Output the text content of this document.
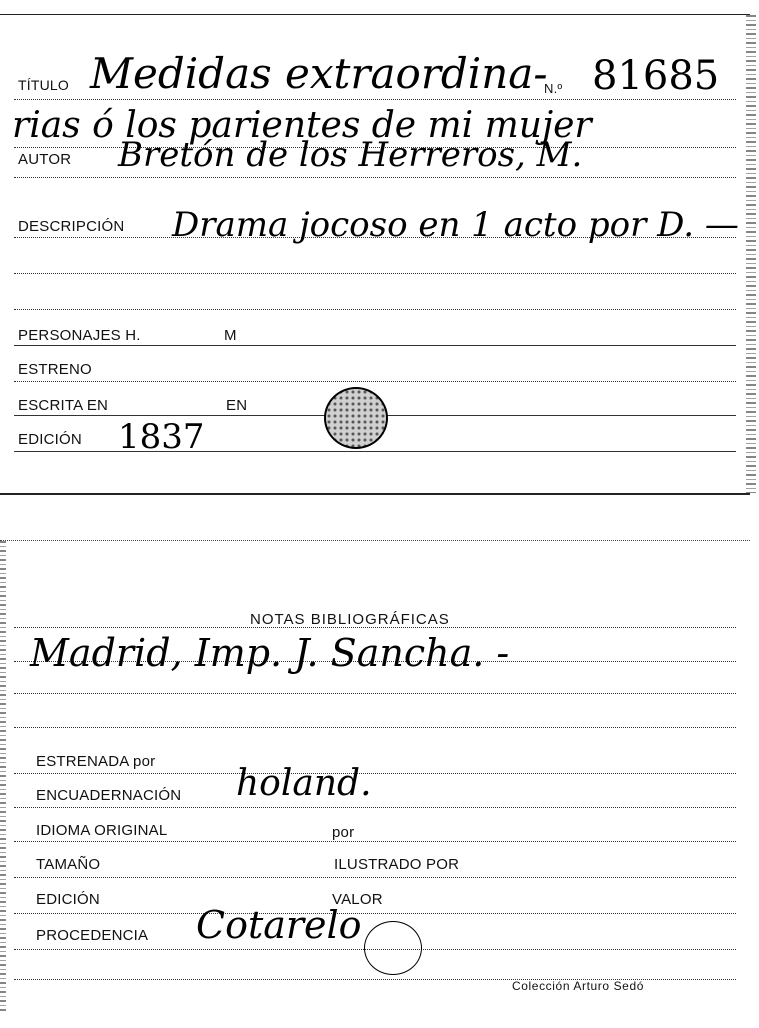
TÍTULO Medidas extraordina-
N.º 81685
rias ó los parientes de mi mujer
AUTOR Bretón de los Herreros, M.
DESCRIPCIÓN Drama jocoso en 1 acto por D. —
PERSONAJES H.	M
ESTRENO
ESCRITA EN	EN
EDICIÓN 1837
NOTAS BIBLIOGRÁFICAS
Madrid, Imp. J. Sancha. -
ESTRENADA por
ENCUADERNACIÓN holand.
IDIOMA ORIGINAL	por
TAMAÑO	ILUSTRADO POR
EDICIÓN	VALOR
PROCEDENCIA Cotarelo
Colección Arturo Sedó
